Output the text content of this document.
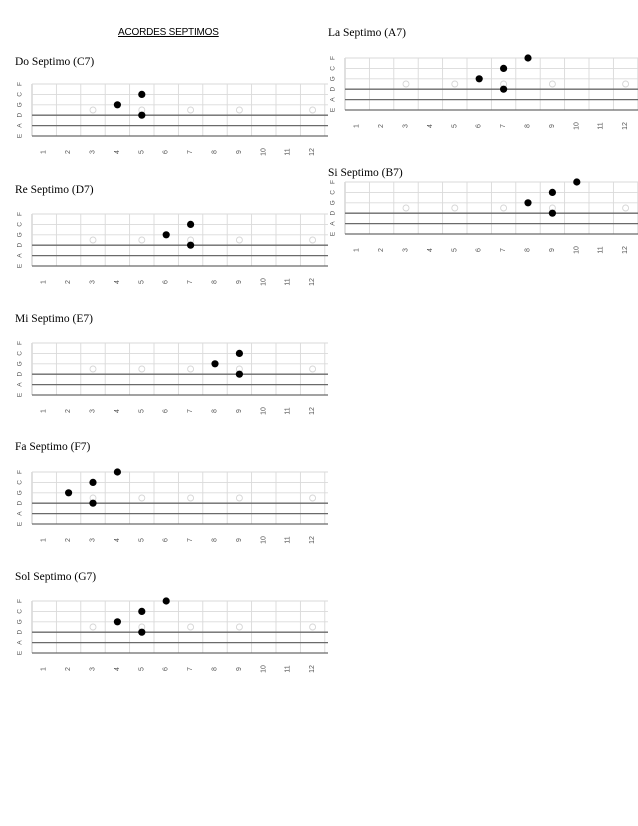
ACORDES SEPTIMOS
Do Septimo (C7)
E
A
D
G
C
F
1 2 3 4 5 6 7 8 9 10 11 12
Re Septimo (D7)
E
A
D
G
C
F
1 2 3 4 5 6 7 8 9 10 11 12
Mi Septimo (E7)
E
A
D
G
C
F
1 2 3 4 5 6 7 8 9 10 11 12
Fa Septimo (F7)
E
A
D
G
C
F
1 2 3 4 5 6 7 8 9 10 11 12
Sol Septimo (G7)
E
A
D
G
C
F
1 2 3 4 5 6 7 8 9 10 11 12
La Septimo (A7)
E
A
D
G
C
F
1 2 3 4 5 6 7 8 9 10 11 12
Si Septimo (B7)
E
A
D
G
C
F
1 2 3 4 5 6 7 8 9 10 11 12
